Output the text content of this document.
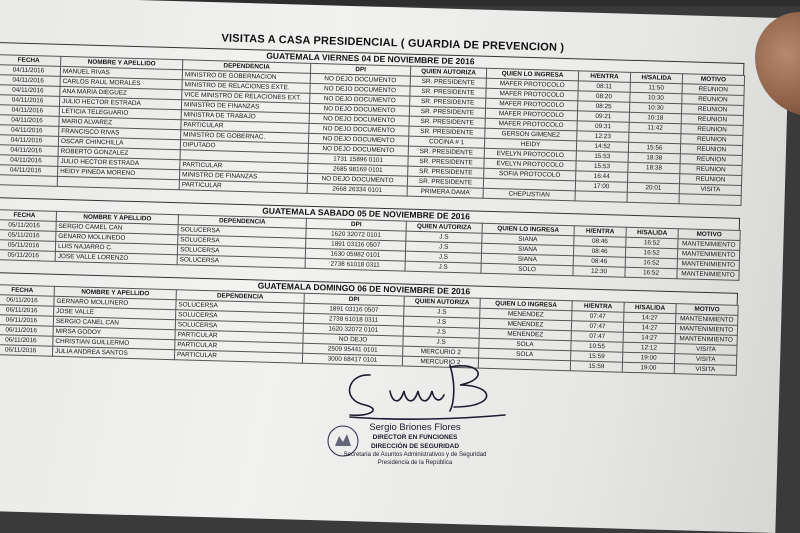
VISITAS A CASA PRESIDENCIAL ( GUARDIA DE PREVENCION )
GUATEMALA VIERNES 04 DE NOVIEMBRE DE 2016
FECHA	NOMBRE Y APELLIDO	DEPENDENCIA	DPI	QUIEN AUTORIZA	QUIEN LO INGRESA	H/ENTRA	H/SALIDA	MOTIVO
04/11/2016	MANUEL RIVAS	MINISTRO DE GOBERNACION	NO DEJO DOCUMENTO	SR. PRESIDENTE	MAFER PROTOCOLO	08:11	11:50	REUNION
04/11/2016	CARLOS RAUL MORALES	MINISTRO DE RELACIONES EXTE.	NO DEJO DOCUMENTO	SR. PRESIDENTE	MAFER PROTOCOLO	08:20	10:30	REUNION
04/11/2016	ANA MARIA DIEGUEZ	VICE MINISTRO DE RELACIONES EXT.	NO DEJO DOCUMENTO	SR. PRESIDENTE	MAFER PROTOCOLO	08:25	10:30	REUNION
04/11/2016	JULIO HECTOR ESTRADA	MINISTRO DE FINANZAS	NO DEJO DOCUMENTO	SR. PRESIDENTE	MAFER PROTOCOLO	09:21	10:18	REUNION
04/11/2016	LETICIA TELEGUARIO	MINISTRA DE TRABAJO	NO DEJO DOCUMENTO	SR. PRESIDENTE	MAFER PROTOCOLO	09:31	11:42	REUNION
04/11/2016	MARIO ALVAREZ	PARTICULAR	NO DEJO DOCUMENTO	SR. PRESIDENTE	GERSON GIMENEZ	12:23		REUNION
04/11/2016	FRANCISCO RIVAS	MINISTRO DE GOBERNAC.	NO DEJO DOCUMENTO	COCINA # 1	HEIDY	14:52	15:56	REUNION
04/11/2016	OSCAR CHINCHILLA	DIPUTADO	NO DEJO DOCUMENTO	SR. PRESIDENTE	EVELYN PROTOCOLO	15:53	18:38	REUNION
04/11/2016	ROBERTO GONZALEZ		1731 15896 0101	SR. PRESIDENTE	EVELYN PROTOCOLO	15:53	18:38	REUNION
04/11/2016	JULIO HECTOR ESTRADA	PARTICULAR	2685 98169 0101	SR. PRESIDENTE	SOFIA PROTOCOLO	16:44		REUNION
04/11/2016	HEIDY PINEDA MORENO	MINISTRO DE FINANZAS	NO DEJO DOCUMENTO	SR. PRESIDENTE		17:00	20:01	VISITA
		PARTICULAR	2668 26334 0101	PRIMERA DAMA	CHEPUSTIAN			
GUATEMALA SABADO 05 DE NOVIEMBRE DE 2016
FECHA	NOMBRE Y APELLIDO	DEPENDENCIA	DPI	QUIEN AUTORIZA	QUIEN LO INGRESA	H/ENTRA	H/SALIDA	MOTIVO
05/11/2016	SERGIO CAMEL CAN	SOLUCERSA	1620 32072 0101	J.S	SIANA	08:46	16:52	MANTENIMIENTO
05/11/2016	GENARO MOLLINEDO	SOLUCERSA	1891 03116 0507	J.S	SIANA	08:46	16:52	MANTENIMIENTO
05/11/2016	LUIS NAJARRO C.	SOLUCERSA	1630 05982 0101	J.S	SIANA	08:46	16:52	MANTENIMIENTO
05/11/2016	JOSE VALLE LORENZO	SOLUCERSA	2738 61018 0311	J.S	SOLO	12:30	16:52	MANTENIMIENTO
GUATEMALA DOMINGO 06 DE NOVIEMBRE DE 2016
FECHA	NOMBRE Y APELLIDO	DEPENDENCIA	DPI	QUIEN AUTORIZA	QUIEN LO INGRESA	H/ENTRA	H/SALIDA	MOTIVO
06/11/2016	GERNARO MOLLINERO	SOLUCERSA	1891 03116 0507	J.S	MENENDEZ	07:47	14:27	MANTENIMIENTO
06/11/2016	JOSE VALLE	SOLUCERSA	2738 61018 0311	J.S	MENENDEZ	07:47	14:27	MANTENIMIENTO
06/11/2016	SERGIO CANEL CAN	SOLUCERSA	1620 32072 0101	J.S	MENENDEZ	07:47	14:27	MANTENIMIENTO
06/11/2016	MIRSA GODOY	PARTICULAR	NO DEJO	J.S	SOLA	10:55	12:12	VISITA
06/11/2016	CHRISTIAN GUILLERMO	PARTICULAR	2509 95441 0101	MERCURIO 2	SOLA	15:59	19:00	VISITA
06/11/2016	JULIA ANDREA SANTOS	PARTICULAR	3000 68417 0101	MERCURIO 2		15:59	19:00	VISITA
Sergio Briones Flores
DIRECTOR EN FUNCIONES
DIRECCIÓN DE SEGURIDAD
Secretaria de Asuntos Administrativos y de Seguridad
Presidencia de la República
